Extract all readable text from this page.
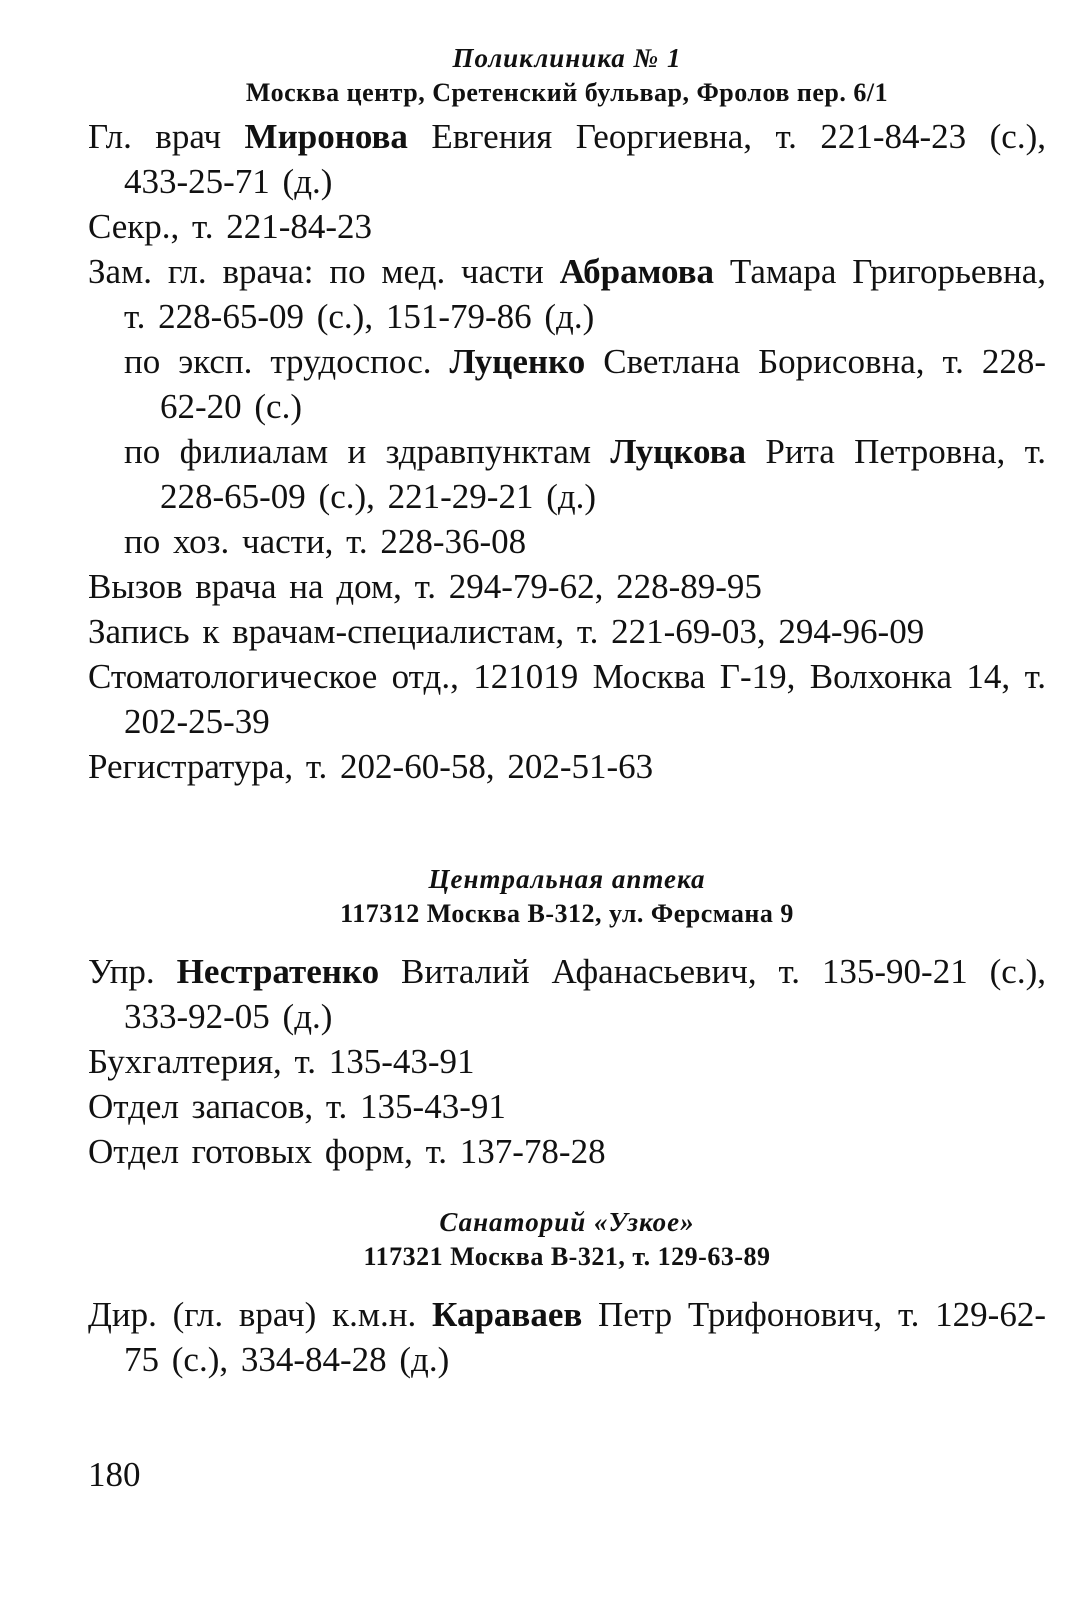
Поликлиника № 1
Москва центр, Сретенский бульвар, Фролов пер. 6/1
Гл. врач Миронова Евгения Георгиевна, т. 221-84-23 (с.), 433-25-71 (д.)
Секр., т. 221-84-23
Зам. гл. врача: по мед. части Абрамова Тамара Григорьевна, т. 228-65-09 (с.), 151-79-86 (д.)
по эксп. трудоспос. Луценко Светлана Борисовна, т. 228-62-20 (с.)
по филиалам и здравпунктам Луцкова Рита Петровна, т. 228-65-09 (с.), 221-29-21 (д.)
по хоз. части, т. 228-36-08
Вызов врача на дом, т. 294-79-62, 228-89-95
Запись к врачам-специалистам, т. 221-69-03, 294-96-09
Стоматологическое отд., 121019 Москва Г-19, Волхонка 14, т. 202-25-39
Регистратура, т. 202-60-58, 202-51-63
Центральная аптека
117312 Москва В-312, ул. Ферсмана 9
Упр. Нестратенко Виталий Афанасьевич, т. 135-90-21 (с.), 333-92-05 (д.)
Бухгалтерия, т. 135-43-91
Отдел запасов, т. 135-43-91
Отдел готовых форм, т. 137-78-28
Санаторий «Узкое»
117321 Москва В-321, т. 129-63-89
Дир. (гл. врач) к.м.н. Караваев Петр Трифонович, т. 129-62-75 (с.), 334-84-28 (д.)
180
